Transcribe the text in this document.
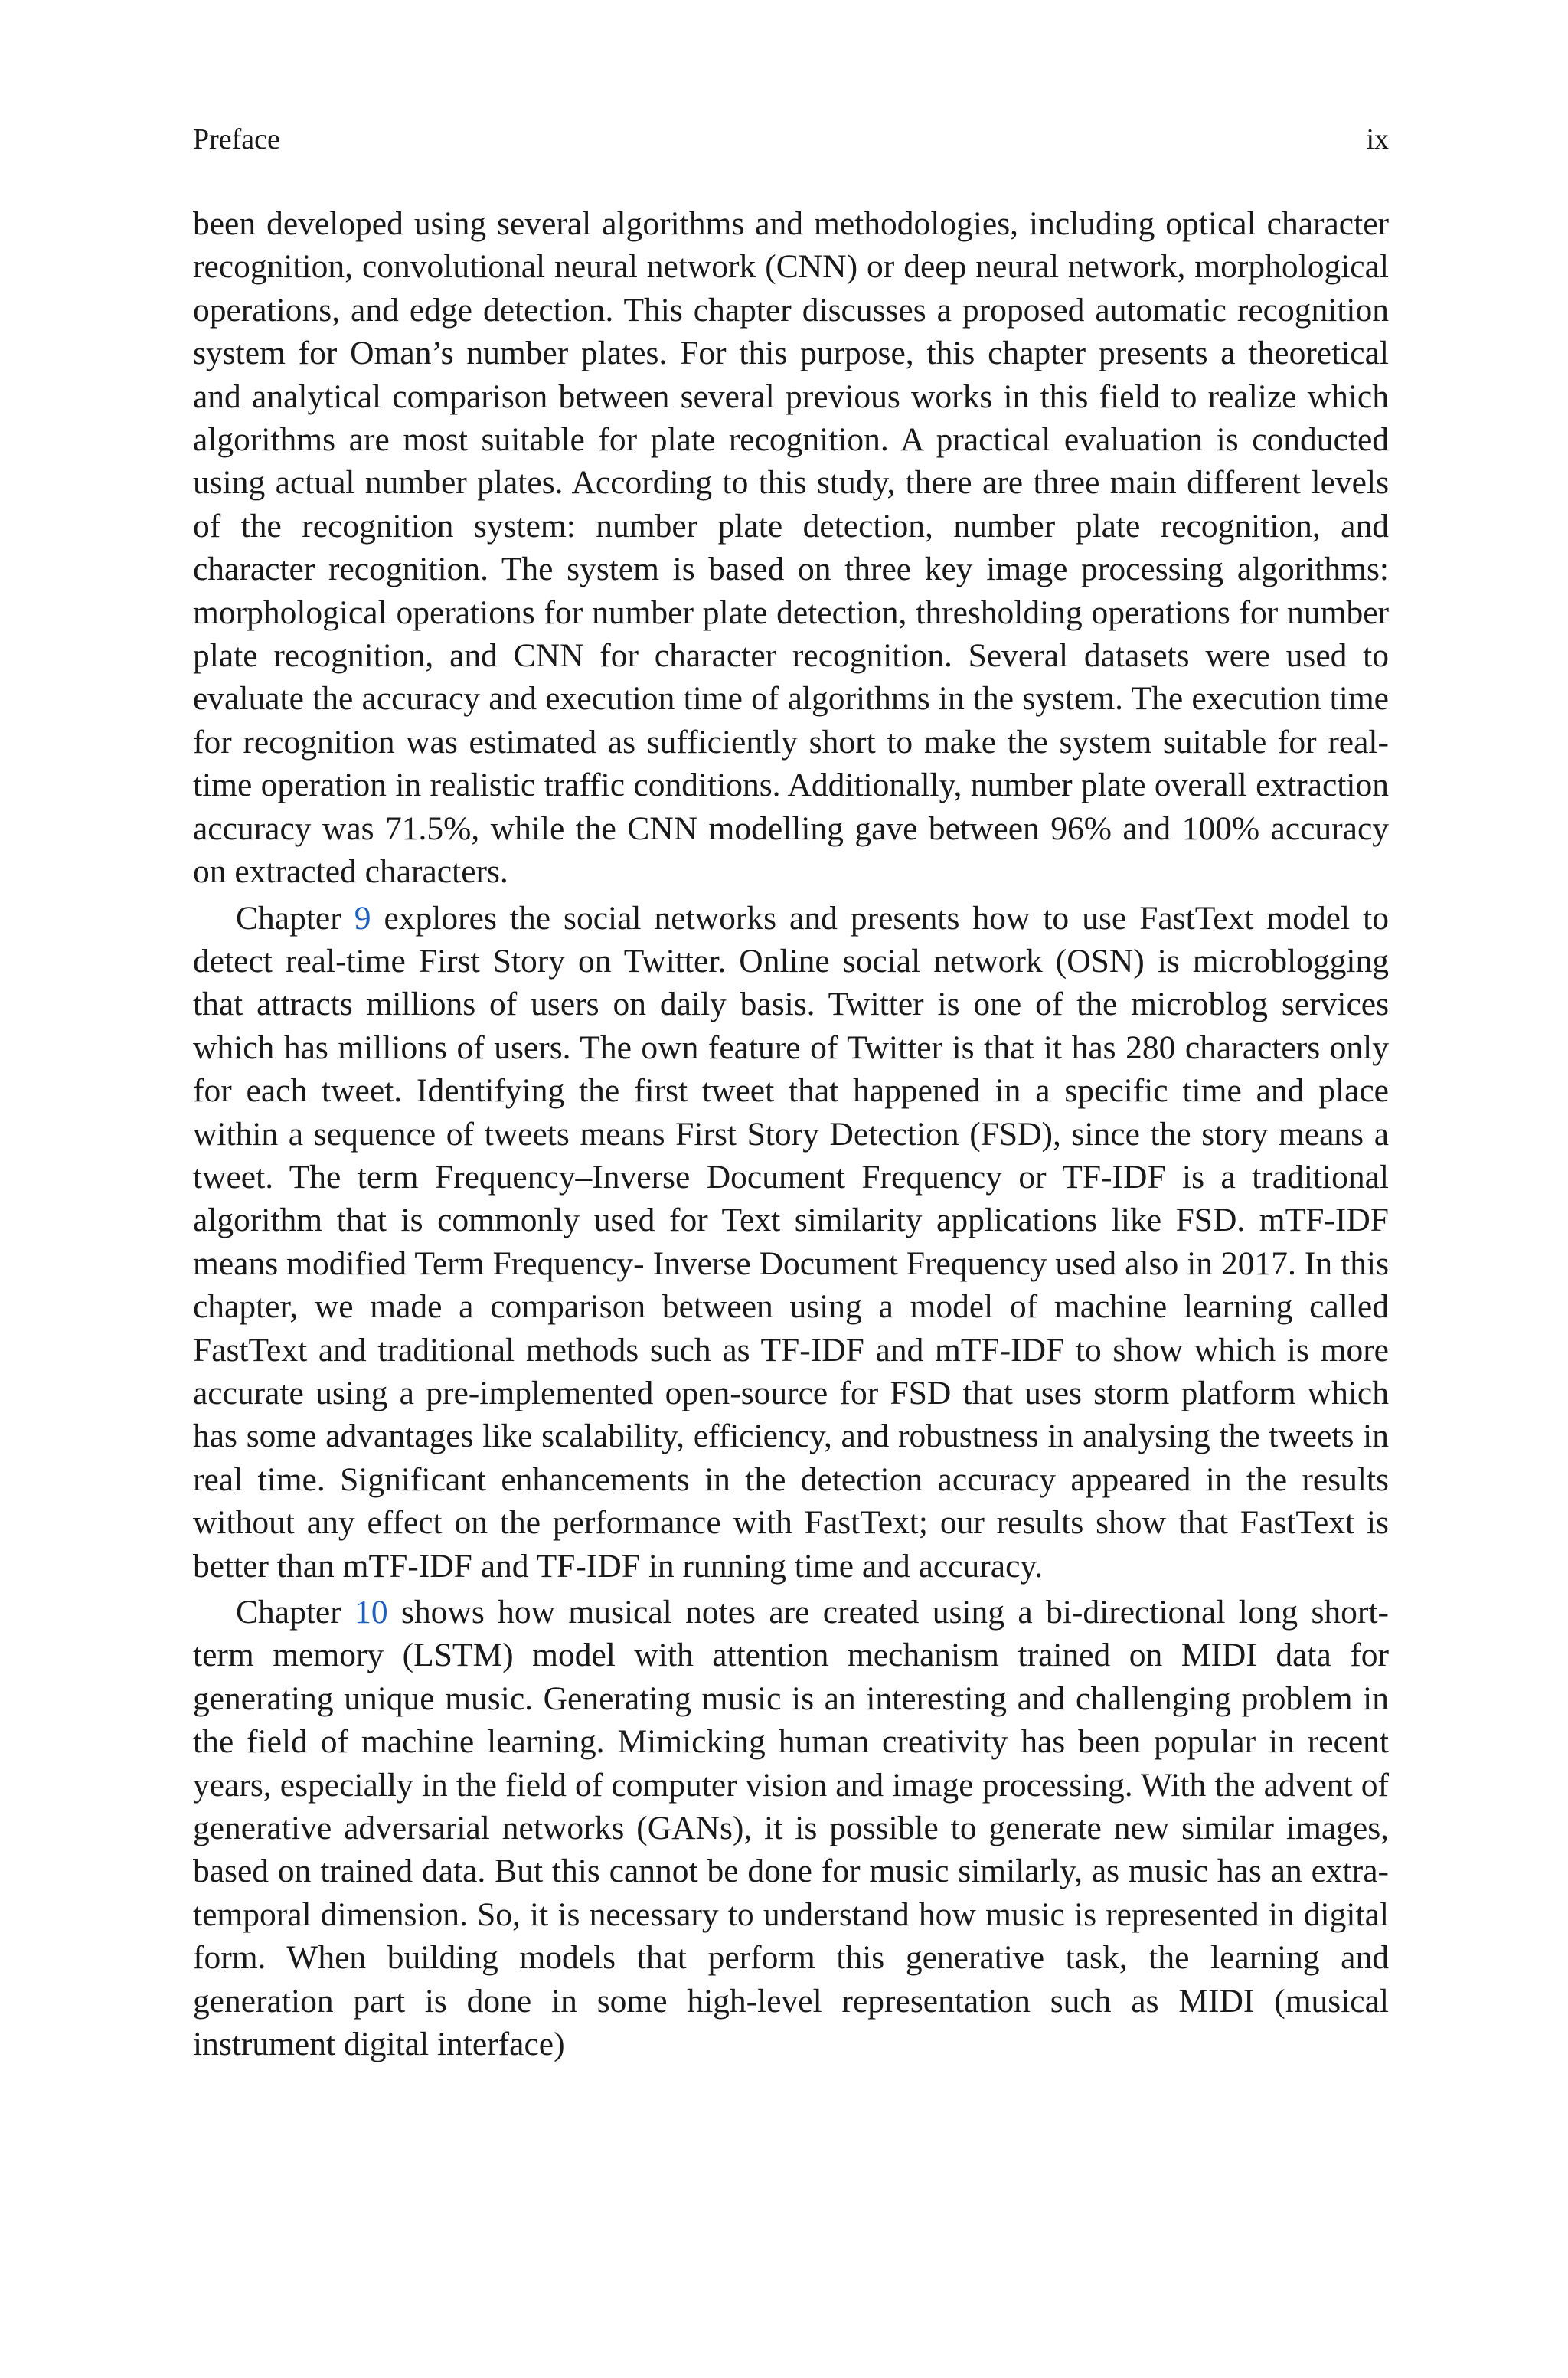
Preface	ix

been developed using several algorithms and methodologies, including optical character recognition, convolutional neural network (CNN) or deep neural network, morphological operations, and edge detection. This chapter discusses a proposed automatic recognition system for Oman’s number plates. For this purpose, this chapter presents a theoretical and analytical comparison between several previous works in this field to realize which algorithms are most suitable for plate recognition. A practical evaluation is conducted using actual number plates. According to this study, there are three main different levels of the recognition system: number plate detection, number plate recognition, and character recognition. The system is based on three key image processing algorithms: morphological operations for number plate detection, thresholding operations for number plate recognition, and CNN for character recognition. Several datasets were used to evaluate the accuracy and execution time of algorithms in the system. The execution time for recognition was estimated as sufficiently short to make the system suitable for real-time operation in realistic traffic conditions. Additionally, number plate overall extraction accuracy was 71.5%, while the CNN modelling gave between 96% and 100% accuracy on extracted characters.

Chapter 9 explores the social networks and presents how to use FastText model to detect real-time First Story on Twitter. Online social network (OSN) is microblogging that attracts millions of users on daily basis. Twitter is one of the microblog services which has millions of users. The own feature of Twitter is that it has 280 characters only for each tweet. Identifying the first tweet that happened in a specific time and place within a sequence of tweets means First Story Detection (FSD), since the story means a tweet. The term Frequency–Inverse Document Frequency or TF-IDF is a traditional algorithm that is commonly used for Text similarity applications like FSD. mTF-IDF means modified Term Frequency- Inverse Document Frequency used also in 2017. In this chapter, we made a comparison between using a model of machine learning called FastText and traditional methods such as TF-IDF and mTF-IDF to show which is more accurate using a pre-implemented open-source for FSD that uses storm platform which has some advantages like scalability, efficiency, and robustness in analysing the tweets in real time. Significant enhancements in the detection accuracy appeared in the results without any effect on the performance with FastText; our results show that FastText is better than mTF-IDF and TF-IDF in running time and accuracy.

Chapter 10 shows how musical notes are created using a bi-directional long short-term memory (LSTM) model with attention mechanism trained on MIDI data for generating unique music. Generating music is an interesting and challenging problem in the field of machine learning. Mimicking human creativity has been popular in recent years, especially in the field of computer vision and image processing. With the advent of generative adversarial networks (GANs), it is possible to generate new similar images, based on trained data. But this cannot be done for music similarly, as music has an extra-temporal dimension. So, it is necessary to understand how music is represented in digital form. When building models that perform this generative task, the learning and generation part is done in some high-level representation such as MIDI (musical instrument digital interface)
